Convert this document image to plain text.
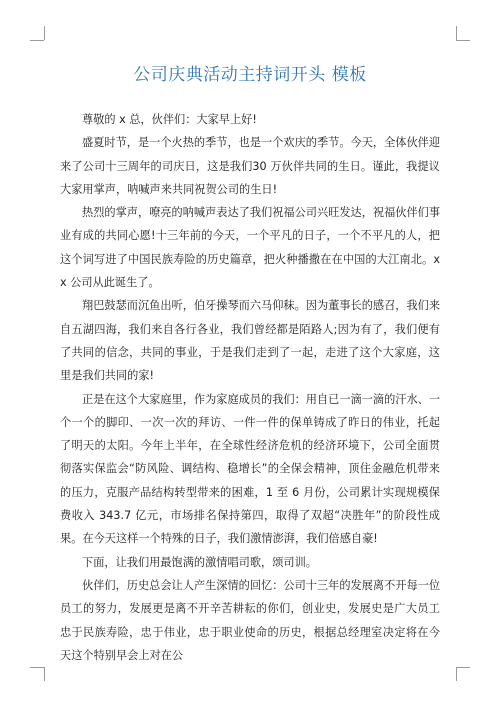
公司庆典活动主持词开头 模板

尊敬的 x 总，伙伴们：大家早上好!

盛夏时节，是一个火热的季节，也是一个欢庆的季节。今天，全体伙伴迎来了公司十三周年的司庆日，这是我们30 万伙伴共同的生日。谨此，我提议大家用掌声，呐喊声来共同祝贺公司的生日!

热烈的掌声，嘹亮的呐喊声表达了我们祝福公司兴旺发达，祝福伙伴们事业有成的共同心愿!十三年前的今天，一个平凡的日子，一个不平凡的人，把这个词写进了中国民族寿险的历史篇章，把火种播撒在在中国的大江南北。xx 公司从此诞生了。

翔巴鼓瑟而沉鱼出听，伯牙操琴而六马仰秣。因为董事长的感召，我们来自五湖四海，我们来自各行各业，我们曾经都是陌路人;因为有了，我们便有了共同的信念，共同的事业，于是我们走到了一起，走进了这个大家庭，这里是我们共同的家!

正是在这个大家庭里，作为家庭成员的我们：用自已一滴一滴的汗水、一个一个的脚印、一次一次的拜访、一件一件的保单铸成了昨日的伟业，托起了明天的太阳。今年上半年，在全球性经济危机的经济环境下，公司全面贯彻落实保监会“防风险、调结构、稳增长”的全保会精神，顶住金融危机带来的压力，克服产品结构转型带来的困难，1 至 6 月份，公司累计实现规模保费收入 343.7 亿元，市场排名保持第四，取得了双超“决胜年”的阶段性成果。在今天这样一个特殊的日子，我们激情澎湃，我们倍感自豪!

下面，让我们用最饱满的激情唱司歌，颂司训。

伙伴们，历史总会让人产生深情的回忆：公司十三年的发展离不开每一位员工的努力，发展更是离不开辛苦耕耘的你们，创业史，发展史是广大员工忠于民族寿险，忠于伟业，忠于职业使命的历史，根据总经理室决定将在今天这个特别早会上对在公
